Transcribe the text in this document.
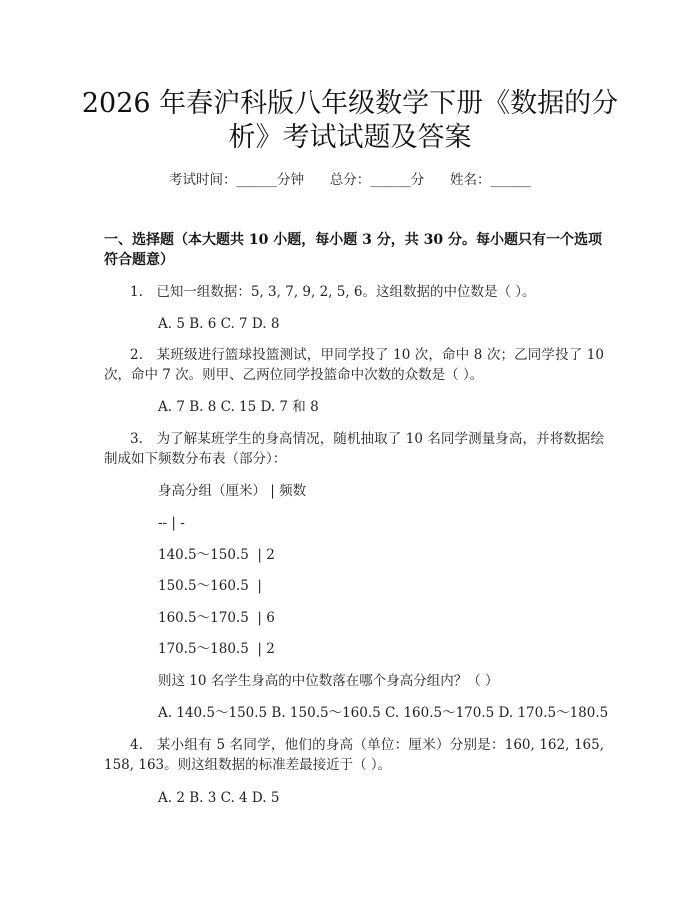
2026 年春沪科版八年级数学下册《数据的分
析》考试试题及答案
考试时间：______分钟 总分：______分 姓名：______
一、选择题（本大题共 10 小题，每小题 3 分，共 30 分。每小题只有一个选项符合题意）
1.　已知一组数据：5, 3, 7, 9, 2, 5, 6。这组数据的中位数是（ ）。
A. 5 B. 6 C. 7 D. 8
2.　某班级进行篮球投篮测试，甲同学投了 10 次，命中 8 次；乙同学投了 10 次，命中 7 次。则甲、乙两位同学投篮命中次数的众数是（ ）。
A. 7 B. 8 C. 15 D. 7 和 8
3.　为了解某班学生的身高情况，随机抽取了 10 名同学测量身高，并将数据绘制成如下频数分布表（部分）：
身高分组（厘米） | 频数
-- | -
140.5～150.5  | 2
150.5～160.5  |
160.5～170.5  | 6
170.5～180.5  | 2
则这 10 名学生身高的中位数落在哪个身高分组内？（ ）
A. 140.5～150.5 B. 150.5～160.5 C. 160.5～170.5 D. 170.5～180.5
4.　某小组有 5 名同学，他们的身高（单位：厘米）分别是：160, 162, 165, 158, 163。则这组数据的标准差最接近于（ ）。
A. 2 B. 3 C. 4 D. 5
